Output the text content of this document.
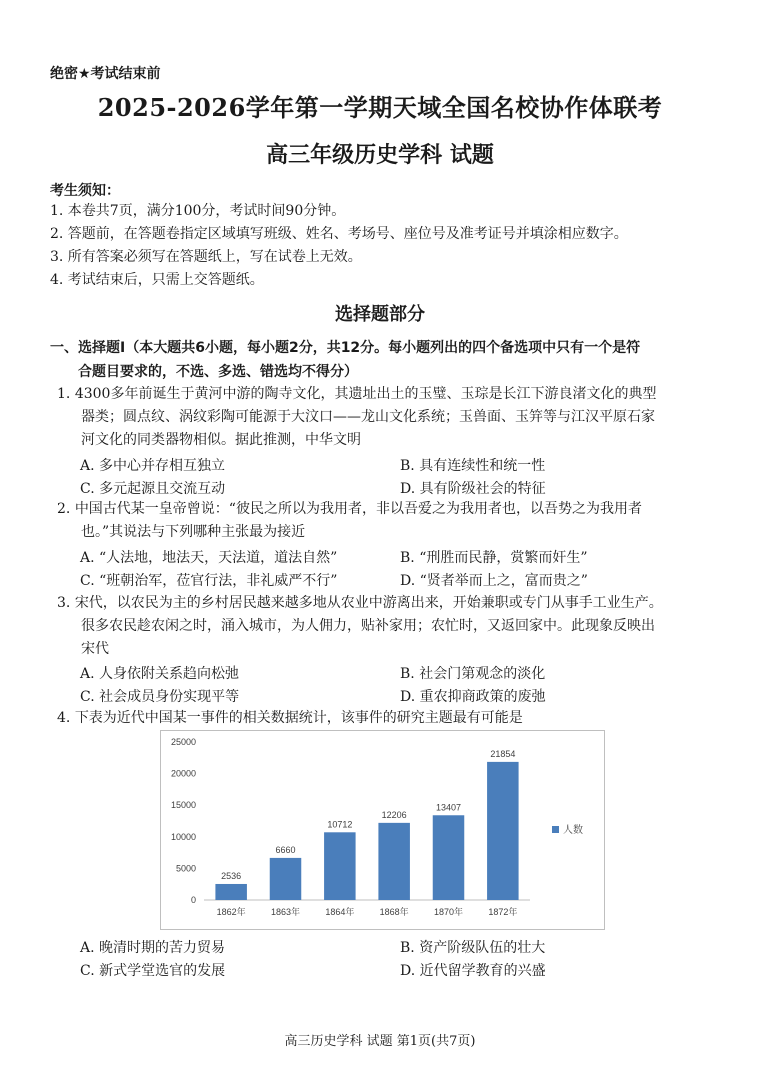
绝密★考试结束前
2025-2026学年第一学期天域全国名校协作体联考
高三年级历史学科 试题
考生须知：
1. 本卷共7页，满分100分，考试时间90分钟。
2. 答题前，在答题卷指定区域填写班级、姓名、考场号、座位号及准考证号并填涂相应数字。
3. 所有答案必须写在答题纸上，写在试卷上无效。
4. 考试结束后，只需上交答题纸。
选择题部分
一、选择题Ⅰ（本大题共6小题，每小题2分，共12分。每小题列出的四个备选项中只有一个是符
合题目要求的，不选、多选、错选均不得分）
1. 4300多年前诞生于黄河中游的陶寺文化，其遗址出土的玉璧、玉琮是长江下游良渚文化的典型
器类；圆点纹、涡纹彩陶可能源于大汶口——龙山文化系统；玉兽面、玉笄等与江汉平原石家
河文化的同类器物相似。据此推测，中华文明
A. 多中心并存相互独立	B. 具有连续性和统一性
C. 多元起源且交流互动	D. 具有阶级社会的特征
2. 中国古代某一皇帝曾说：“彼民之所以为我用者，非以吾爱之为我用者也，以吾势之为我用者
也。”其说法与下列哪种主张最为接近
A. “人法地，地法天，天法道，道法自然”	B. “刑胜而民静，赏繁而奸生”
C. “班朝治军，莅官行法，非礼威严不行”	D. “贤者举而上之，富而贵之”
3. 宋代，以农民为主的乡村居民越来越多地从农业中游离出来，开始兼职或专门从事手工业生产。
很多农民趁农闲之时，涌入城市，为人佣力，贴补家用；农忙时，又返回家中。此现象反映出
宋代
A. 人身依附关系趋向松弛	B. 社会门第观念的淡化
C. 社会成员身份实现平等	D. 重农抑商政策的废弛
4. 下表为近代中国某一事件的相关数据统计，该事件的研究主题最有可能是
0
5000
10000
15000
20000
25000
2536
1862年
6660
1863年
10712
1864年
12206
1868年
13407
1870年
21854
1872年
人数
A. 晚清时期的苦力贸易	B. 资产阶级队伍的壮大
C. 新式学堂选官的发展	D. 近代留学教育的兴盛
高三历史学科 试题 第1页(共7页)
